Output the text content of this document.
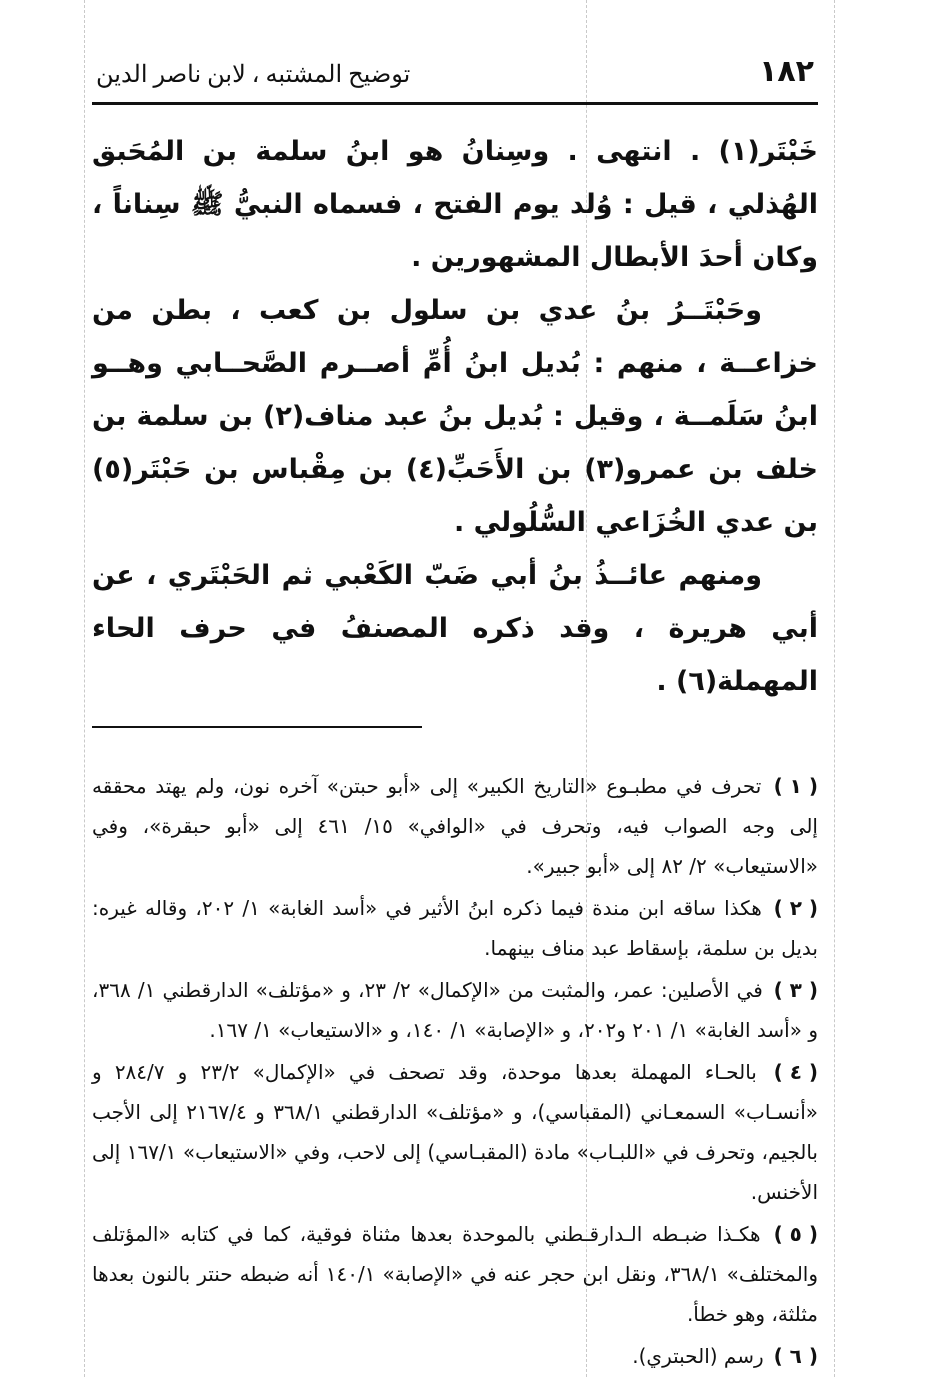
١٨٢
توضيح المشتبه ، لابن ناصر الدين

خَبْتَر(١) . انتهى . وسِنانُ هو ابنُ سلمة بن المُحَبق الهُذلي ، قيل : وُلد يوم الفتح ، فسماه النبيُّ ﷺ سِناناً ، وكان أحدَ الأبطال المشهورين .

وحَبْتَــرُ بنُ عدي بن سلول بن كعب ، بطن من خزاعــة ، منهم : بُديل ابنُ أُمِّ أصــرم الصَّحــابي وهــو ابنُ سَلَمــة ، وقيل : بُديل بنُ عبد مناف(٢) بن سلمة بن خلف بن عمرو(٣) بن الأَحَبِّ(٤) بن مِقْباس بن حَبْتَر(٥) بن عدي الخُزَاعي السُّلُولي .

ومنهم عائــذُ بنُ أبي ضَبّ الكَعْبي ثم الحَبْتَري ، عن أبي هريرة ، وقد ذكره المصنفُ في حرف الحاء المهملة(٦) .

( ١ ) تحرف في مطبـوع «التاريخ الكبير» إلى «أبو حبتن» آخره نون، ولم يهتد محققه إلى وجه الصواب فيه، وتحرف في «الوافي» ١٥/ ٤٦١ إلى «أبو حبقرة»، وفي «الاستيعاب» ٢/ ٨٢ إلى «أبو جبير».
( ٢ ) هكذا ساقه ابن مندة فيما ذكره ابنُ الأثير في «أسد الغابة» ١/ ٢٠٢، وقاله غيره: بديل بن سلمة، بإسقاط عبد مناف بينهما.
( ٣ ) في الأصلين: عمر، والمثبت من «الإكمال» ٢/ ٢٣، و «مؤتلف» الدارقطني ١/ ٣٦٨، و «أسد الغابة» ١/ ٢٠١ و٢٠٢، و «الإصابة» ١/ ١٤٠، و «الاستيعاب» ١/ ١٦٧.
( ٤ ) بالحـاء المهملة بعدها موحدة، وقد تصحف في «الإكمال» ٢٣/٢ و ٢٨٤/٧ و «أنسـاب» السمعـاني (المقباسي)، و «مؤتلف» الدارقطني ٣٦٨/١ و ٢١٦٧/٤ إلى الأجب بالجيم، وتحرف في «اللبـاب» مادة (المقبـاسي) إلى لاحب، وفي «الاستيعاب» ١٦٧/١ إلى الأخنس.
( ٥ ) هكـذا ضبـطه الـدارقـطني بالموحدة بعدها مثناة فوقية، كما في كتابه «المؤتلف والمختلف» ٣٦٨/١، ونقل ابن حجر عنه في «الإصابة» ١٤٠/١ أنه ضبطه حنتر بالنون بعدها مثلثة، وهو خطأ.
( ٦ ) رسم (الحبتري).
